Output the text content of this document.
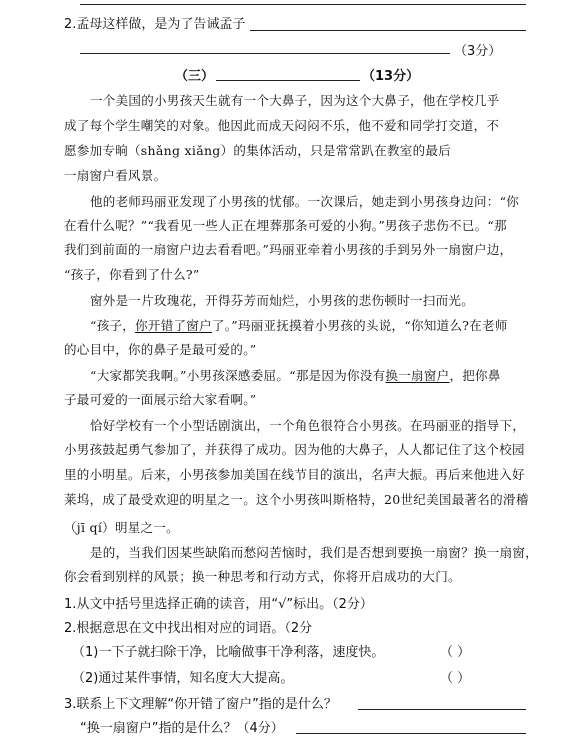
2.孟母这样做，是为了告诫孟子
（3分）
（三）	（13分）
一个美国的小男孩天生就有一个大鼻子，因为这个大鼻子，他在学校几乎
成了每个学生嘲笑的对象。他因此而成天闷闷不乐，他不爱和同学打交道，不
愿参加专晌（shǎng xiǎng）的集体活动，只是常常趴在教室的最后
一扇窗户看风景。
他的老师玛丽亚发现了小男孩的忧郁。一次课后，她走到小男孩身边问：“你
在看什么呢？”“我看见一些人正在埋葬那条可爱的小狗。”男孩子悲伤不已。“那
我们到前面的一扇窗户边去看看吧。”玛丽亚牵着小男孩的手到另外一扇窗户边，
“孩子，你看到了什么?”
窗外是一片玫瑰花，开得芬芳而灿烂，小男孩的悲伤顿时一扫而光。
“孩子，你开错了窗户了。”玛丽亚抚摸着小男孩的头说，“你知道么?在老师
的心目中，你的鼻子是最可爱的。”
“大家都笑我啊。”小男孩深感委屈。“那是因为你没有换一扇窗户，把你鼻
子最可爱的一面展示给大家看啊。”
恰好学校有一个小型话剧演出，一个角色很符合小男孩。在玛丽亚的指导下，
小男孩鼓起勇气参加了，并获得了成功。因为他的大鼻子，人人都记住了这个校园
里的小明星。后来，小男孩参加美国在线节目的演出，名声大振。再后来他进入好
莱坞，成了最受欢迎的明星之一。这个小男孩叫斯格特，20世纪美国最著名的滑稽
（jī qí）明星之一。
是的，当我们因某些缺陷而愁闷苦恼时，我们是否想到要换一扇窗？换一扇窗，
你会看到别样的风景；换一种思考和行动方式，你将开启成功的大门。
1.从文中括号里选择正确的读音，用“√”标出。（2分）
2.根据意思在文中找出相对应的词语。（2分
（1)一下子就扫除干净，比喻做事干净利落，速度快。	（ ）
（2)通过某件事情，知名度大大提高。	（ ）
3.联系上下文理解“你开错了窗户”指的是什么？
“换一扇窗户”指的是什么？（4分）
